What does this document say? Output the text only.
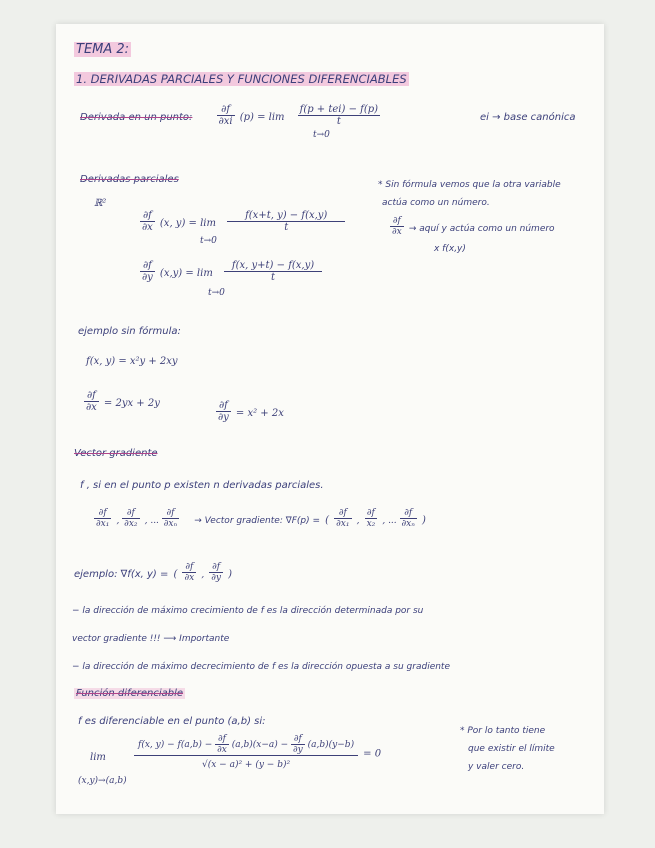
TEMA 2:
1. DERIVADAS PARCIALES Y FUNCIONES DIFERENCIABLES
Derivada en un punto: $\frac{\partial f}{\partial xi} (p) = \lim \frac{\text{f(p + tei) − f(p)}}{t}$
t→0
ei → base canónica
Derivadas parciales	* Sin fórmula vemos que la otra variable
actúa como un número.
ℝ²
$\frac{\partial f}{\partial x} (x$, $y) = \lim \frac{f(x+t, y) - f(x,y)}{t}$
t→0
$\frac{\partial f}{\partial x}$ → aquí y actúa como un número
x f(x,y)
$\frac{\partial f}{\partial y} (x,y) = \lim \frac{f(x, y+t) - f(x,y)}{t}$
t→0
ejemplo sin fórmula:
f(x, y) = x²y + 2xy
$\frac{\partial f}{\partial x} = 2yx + 2y$	$\frac{\partial f}{\partial y} = x^2 + 2x$
Vector gradiente
f , si en el punto p existen n derivadas parciales.
$\frac{\partial f}{\text{∂x₁}}$ , $\frac{\partial f}{\text{∂x₂}}$ , ... $\frac{\partial f}{\text{∂xₙ}}$ → Vector gradiente: ∇F(p) = ( $\frac{\partial f}{\text{∂x₁}}$ , $\frac{\partial f}{\text{x₂}}$ , ... $\frac{\partial f}{\text{∂xₙ}}$ )
ejemplo: ∇f(x, y) = ( $\frac{\partial f}{\partial x}$ , $\frac{\partial f}{\partial y}$ )
− la dirección de máximo crecimiento de f es la dirección determinada por su
vector gradiente !!! ⟶ Importante
− la dirección de máximo decrecimiento de f es la dirección opuesta a su gradiente
Función diferenciable
f es diferenciable en el punto (a,b) si:
* Por lo tanto tiene
que existir el límite
y valer cero.
lim
(x,y)→(a,b)
f(x, $y) - f(a,b) - \frac{\partial f}{\partial x} (a,b)(x-a) - \frac{\partial f}{\partial y} (a,b)(y-b)$
√(x − a)² + (y − b)²
= 0
